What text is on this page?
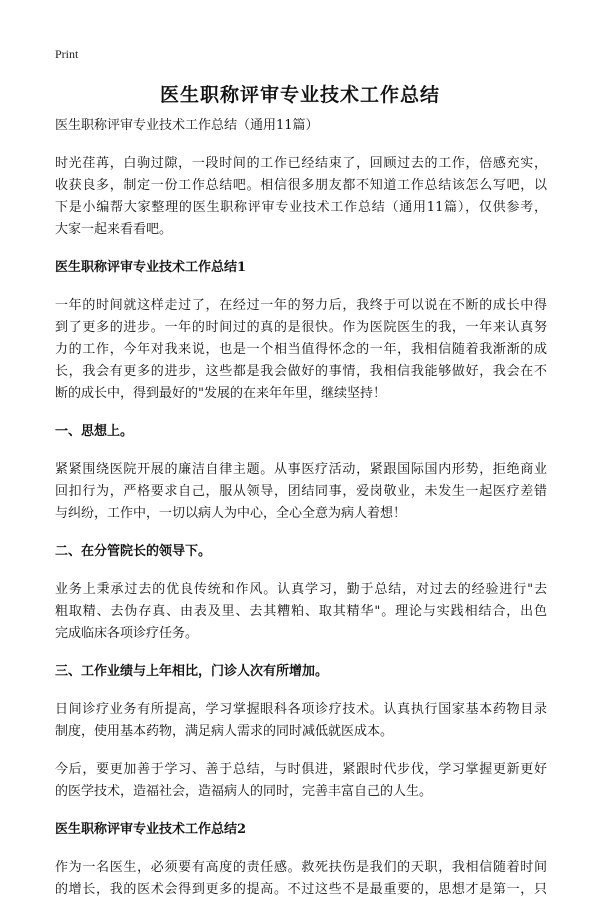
Print
医生职称评审专业技术工作总结
医生职称评审专业技术工作总结（通用11篇）
时光荏苒，白驹过隙，一段时间的工作已经结束了，回顾过去的工作，倍感充实，
收获良多，制定一份工作总结吧。相信很多朋友都不知道工作总结该怎么写吧，以
下是小编帮大家整理的医生职称评审专业技术工作总结（通用11篇），仅供参考，
大家一起来看看吧。
医生职称评审专业技术工作总结1
一年的时间就这样走过了，在经过一年的努力后，我终于可以说在不断的成长中得
到了更多的进步。一年的时间过的真的是很快。作为医院医生的我，一年来认真努
力的工作，今年对我来说，也是一个相当值得怀念的一年，我相信随着我渐渐的成
长，我会有更多的进步，这些都是我会做好的事情，我相信我能够做好，我会在不
断的成长中，得到最好的"发展的在来年年里，继续坚持！
一、思想上。
紧紧围绕医院开展的廉洁自律主题。从事医疗活动，紧跟国际国内形势，拒绝商业
回扣行为，严格要求自己，服从领导，团结同事，爱岗敬业，未发生一起医疗差错
与纠纷，工作中，一切以病人为中心，全心全意为病人着想！
二、在分管院长的领导下。
业务上秉承过去的优良传统和作风。认真学习，勤于总结，对过去的经验进行"去
粗取精、去伪存真、由表及里、去其糟粕、取其精华"。理论与实践相结合，出色
完成临床各项诊疗任务。
三、工作业绩与上年相比，门诊人次有所增加。
日间诊疗业务有所提高，学习掌握眼科各项诊疗技术。认真执行国家基本药物目录
制度，使用基本药物，满足病人需求的同时减低就医成本。
今后，要更加善于学习、善于总结，与时俱进，紧跟时代步伐，学习掌握更新更好
的医学技术，造福社会，造福病人的同时，完善丰富自己的人生。
医生职称评审专业技术工作总结2
作为一名医生，必须要有高度的责任感。救死扶伤是我们的天职，我相信随着时间
的增长，我的医术会得到更多的提高。不过这些不是最重要的，思想才是第一，只
